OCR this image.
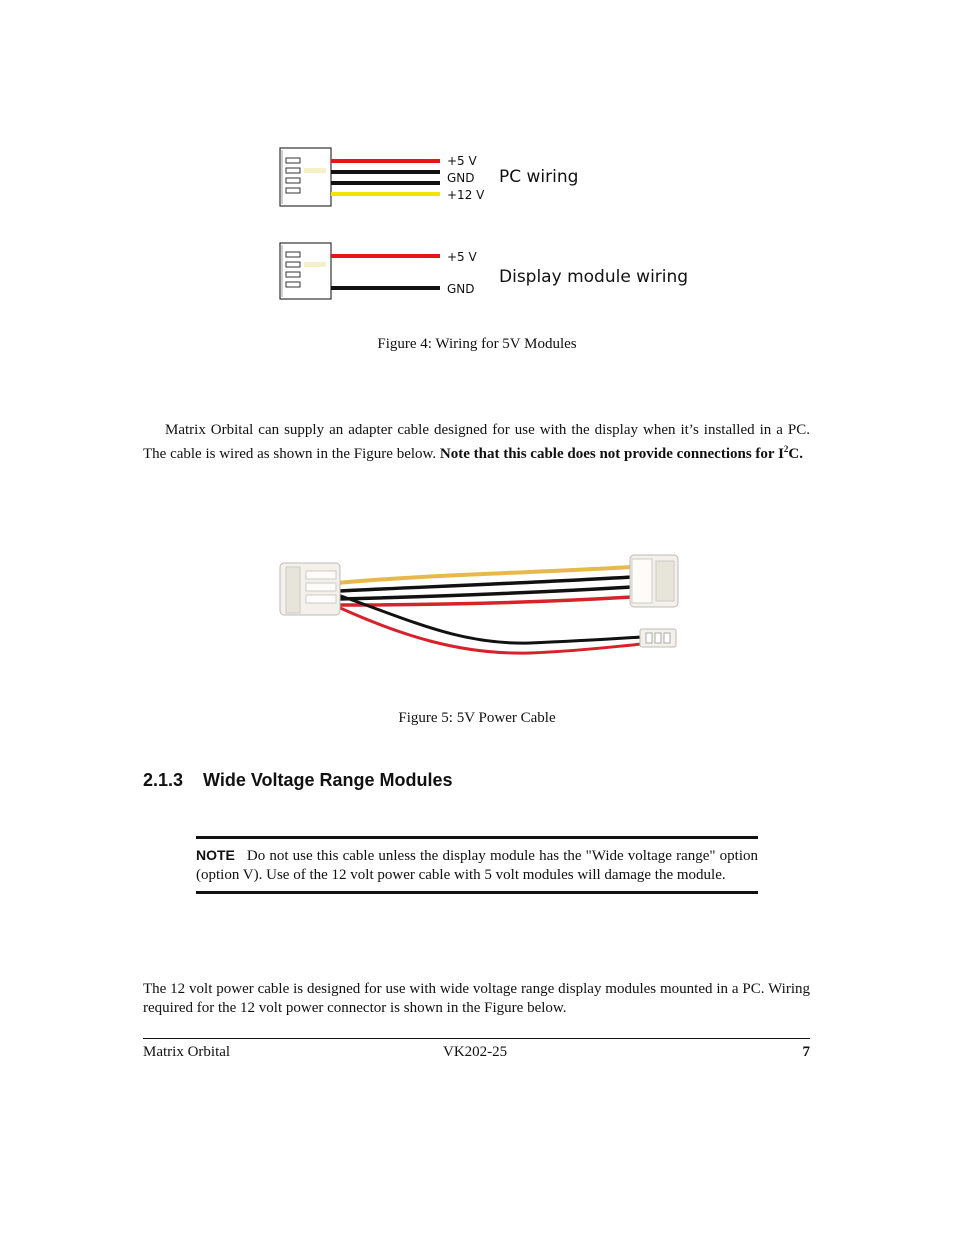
+5 V
GND
+12 V
PC wiring
+5 V
GND
Display module wiring
Figure 4: Wiring for 5V Modules
Matrix Orbital can supply an adapter cable designed for use with the display when it’s installed in a PC. The cable is wired as shown in the Figure below. Note that this cable does not provide connections for $I^2C$.
Figure 5: 5V Power Cable
2.1.3 Wide Voltage Range Modules
NOTE Do not use this cable unless the display module has the "Wide voltage range" option (option V). Use of the 12 volt power cable with 5 volt modules will damage the module.
The 12 volt power cable is designed for use with wide voltage range display modules mounted in a PC. Wiring required for the 12 volt power connector is shown in the Figure below.
Matrix Orbital	VK202-25	7
